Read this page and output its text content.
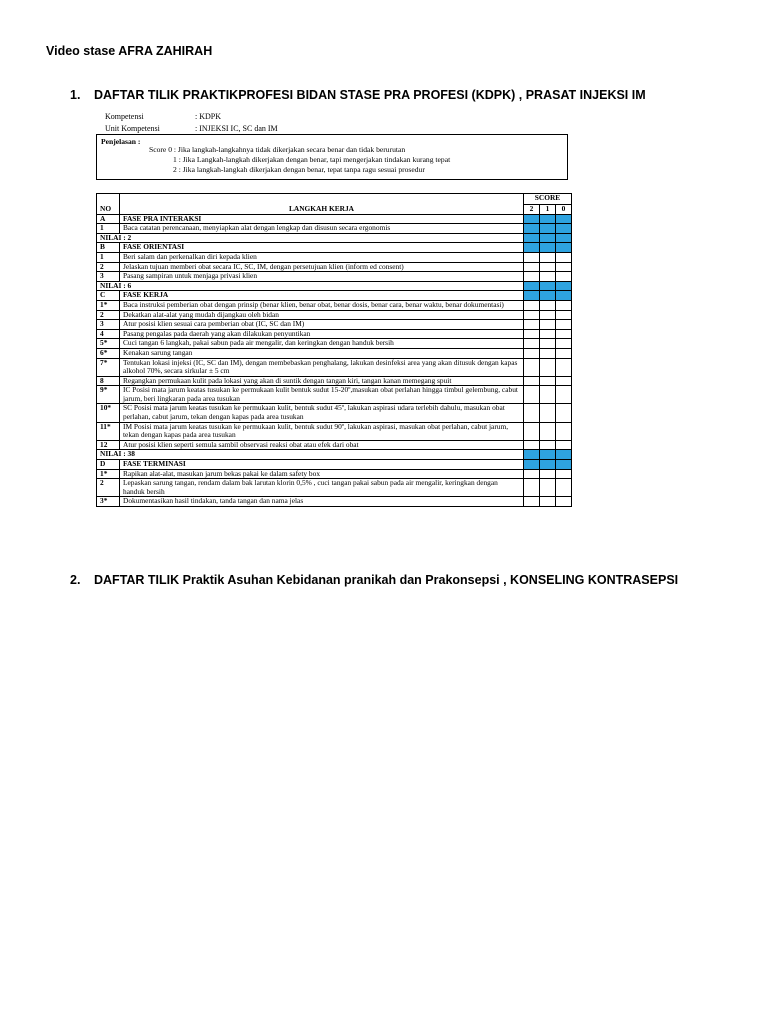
Video stase AFRA ZAHIRAH
1. DAFTAR TILIK PRAKTIKPROFESI BIDAN STASE PRA PROFESI (KDPK) , PRASAT INJEKSI IM
Kompetensi	: KDPK
Unit Kompetensi	: INJEKSI IC, SC dan IM
Penjelasan :
Score 0 : Jika langkah-langkahnya tidak dikerjakan secara benar dan tidak berurutan
1 : Jika Langkah-langkah dikerjakan dengan benar, tapi mengerjakan tindakan kurang tepat
2 : Jika langkah-langkah dikerjakan dengan benar, tepat tanpa ragu sesuai prosedur
NO	LANGKAH KERJA	SCORE		
		2	1	0
A	FASE PRA INTERAKSI			
1	Baca catatan perencanaan, menyiapkan alat dengan lengkap dan disusun secara ergonomis			
NILAI : 2				
B	FASE ORIENTASI			
1	Beri salam dan perkenalkan diri kepada klien			
2	Jelaskan tujuan memberi obat secara IC, SC, IM, dengan persetujuan klien (inform ed consent)			
3	Pasang sampiran untuk menjaga privasi klien			
NILAI : 6				
C	FASE KERJA			
1*	Baca instruksi pemberian obat dengan prinsip (benar klien, benar obat, benar dosis, benar cara, benar waktu, benar dokumentasi)			
2	Dekatkan alat-alat yang mudah dijangkau oleh bidan			
3	Atur posisi klien sesuai cara pemberian obat (IC, SC dan IM)			
4	Pasang pengalas pada daerah yang akan dilakukan penyuntikan			
5*	Cuci tangan 6 langkah, pakai sabun pada air mengalir, dan keringkan dengan handuk bersih			
6*	Kenakan sarung tangan			
7*	Tentukan lokasi injeksi (IC, SC dan IM), dengan membebaskan penghalang, lakukan desinfeksi area yang akan ditusuk dengan kapas alkohol 70%, secara sirkular ± 5 cm			
8	Regangkan permukaan kulit pada lokasi yang akan di suntik dengan tangan kiri, tangan kanan memegang spuit			
9*	IC Posisi mata jarum keatas tusukan ke permukaan kulit bentuk sudut 15-20º,masukan obat perlahan hingga timbul gelembung, cabut jarum, beri lingkaran pada area tusukan			
10*	SC Posisi mata jarum keatas tusukan ke permukaan kulit, bentuk sudut 45º, lakukan aspirasi udara terlebih dahulu, masukan obat perlahan, cabut jarum, tekan dengan kapas pada area tusukan			
11*	IM Posisi mata jarum keatas tusukan ke permukaan kulit, bentuk sudut 90º, lakukan aspirasi, masukan obat perlahan, cabut jarum, tekan dengan kapas pada area tusukan			
12	Atur posisi klien seperti semula sambil observasi reaksi obat atau efek dari obat			
NILAI : 38				
D	FASE TERMINASI			
1*	Rapikan alat-alat, masukan jarum bekas pakai ke dalam safety box			
2	Lepaskan sarung tangan, rendam dalam bak larutan klorin 0,5% , cuci tangan pakai sabun pada air mengalir, keringkan dengan handuk bersih			
3*	Dokumentasikan hasil tindakan, tanda tangan dan nama jelas			
2. DAFTAR TILIK Praktik Asuhan Kebidanan pranikah dan Prakonsepsi , KONSELING KONTRASEPSI
